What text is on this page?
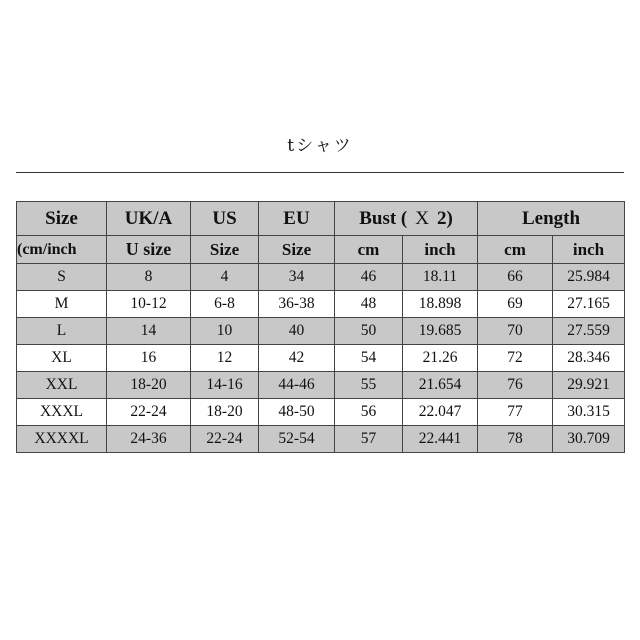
tシャツ
Size	UK/A	US	EU	Bust ( X 2)		Length	
(cm/inch	U size	Size	Size	cm	inch	cm	inch
S	8	4	34	46	18.11	66	25.984
M	10-12	6-8	36-38	48	18.898	69	27.165
L	14	10	40	50	19.685	70	27.559
XL	16	12	42	54	21.26	72	28.346
XXL	18-20	14-16	44-46	55	21.654	76	29.921
XXXL	22-24	18-20	48-50	56	22.047	77	30.315
XXXXL	24-36	22-24	52-54	57	22.441	78	30.709
